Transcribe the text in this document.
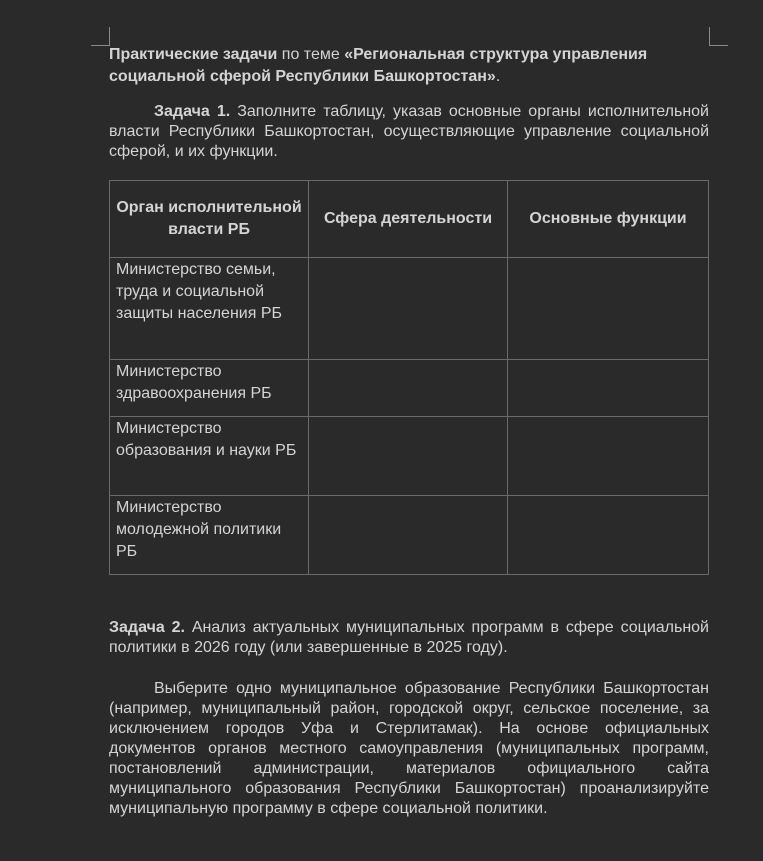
Практические задачи по теме «Региональная структура управления социальной сферой Республики Башкортостан».

Задача 1. Заполните таблицу, указав основные органы исполнительной власти Республики Башкортостан, осуществляющие управление социальной сферой, и их функции.

Орган исполнительной власти РБ	Сфера деятельности	Основные функции
Министерство семьи, труда и социальной защиты населения РБ		
Министерство здравоохранения РБ		
Министерство образования и науки РБ		
Министерство молодежной политики РБ		

Задача 2. Анализ актуальных муниципальных программ в сфере социальной политики в 2026 году (или завершенные в 2025 году).

Выберите одно муниципальное образование Республики Башкортостан (например, муниципальный район, городской округ, сельское поселение, за исключением городов Уфа и Стерлитамак). На основе официальных документов органов местного самоуправления (муниципальных программ, постановлений администрации, материалов официального сайта муниципального образования Республики Башкортостан) проанализируйте муниципальную программу в сфере социальной политики.
